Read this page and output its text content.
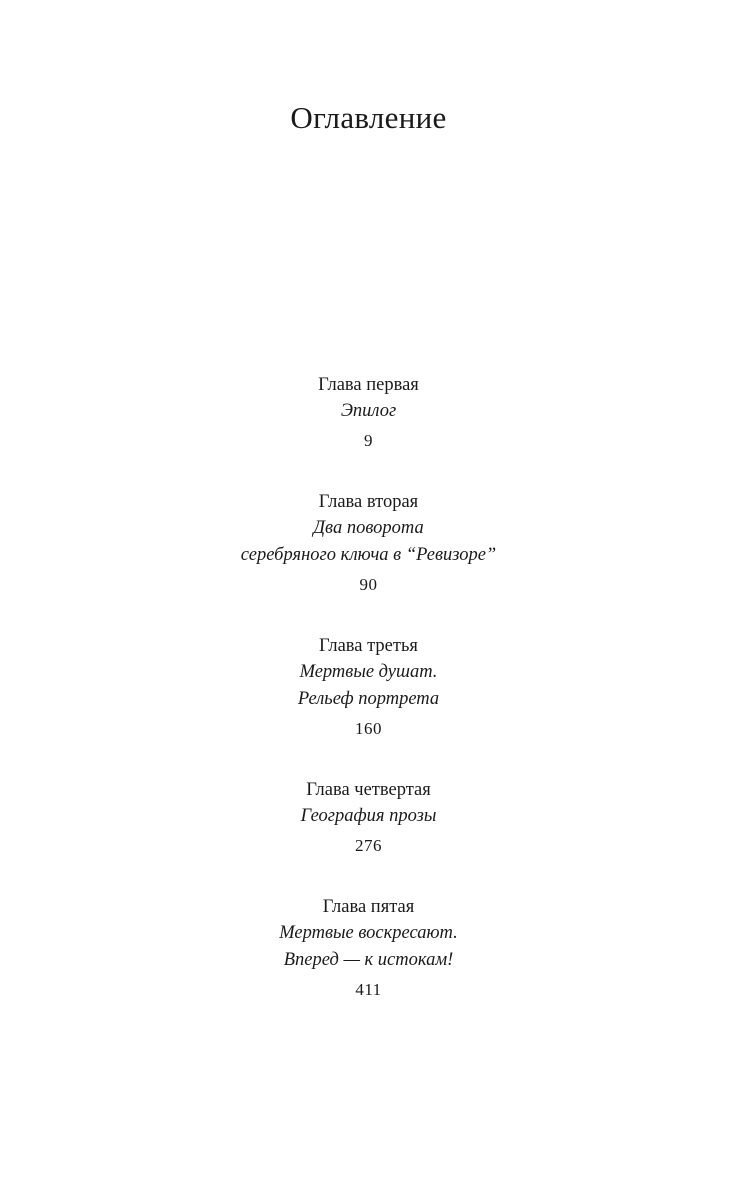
Оглавление
Глава первая
Эпилог
9
Глава вторая
Два поворота
серебряного ключа в “Ревизоре”
90
Глава третья
Мертвые душат.
Рельеф портрета
160
Глава четвертая
География прозы
276
Глава пятая
Мертвые воскресают.
Вперед — к истокам!
411
